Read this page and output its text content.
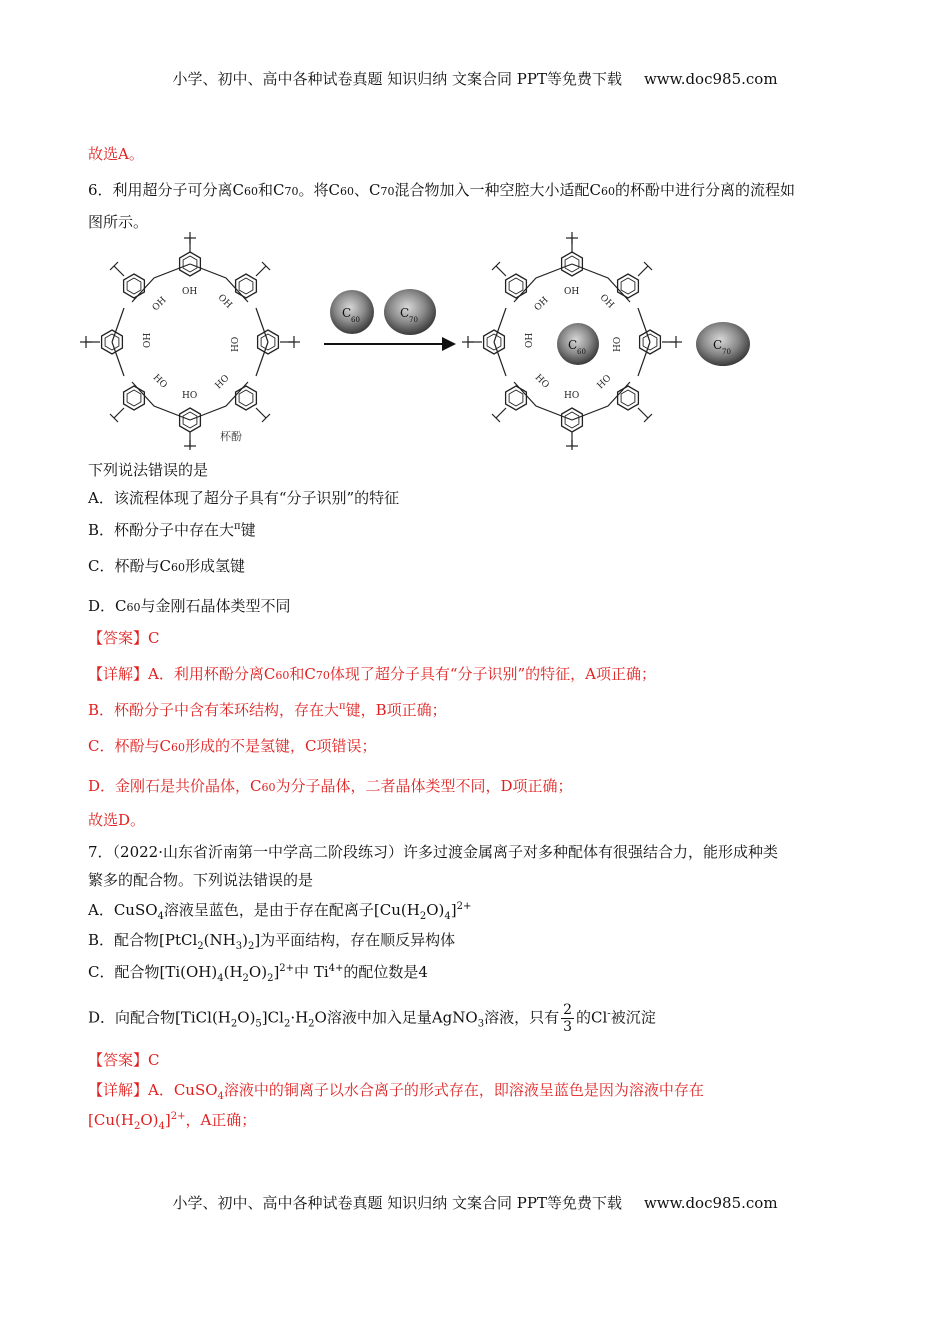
小学、初中、高中各种试卷真题 知识归纳 文案合同 PPT等免费下载 www.doc985.com
故选A。
6．利用超分子可分离C60和C70。将C60、C70混合物加入一种空腔大小适配C60的杯酚中进行分离的流程如
图所示。
OH
OH	OH
OH	HO
HO	HO
HO
杯酚
C 60	C 70
OH
OH	OH
OH	HO
HO	HO
HO
C 60	C 70
下列说法错误的是
A．该流程体现了超分子具有“分子识别”的特征
B．杯酚分子中存在大$^\pi$键
C．杯酚与C60形成氢键
D．C60与金刚石晶体类型不同
【答案】C
【详解】A．利用杯酚分离C60和C70体现了超分子具有“分子识别”的特征，A项正确；
B．杯酚分子中含有苯环结构，存在大$^\pi$键，B项正确；
C．杯酚与C60形成的不是氢键，C项错误；
D．金刚石是共价晶体，C60为分子晶体，二者晶体类型不同，D项正确；
故选D。
7．（2022·山东省沂南第一中学高二阶段练习）许多过渡金属离子对多种配体有很强结合力，能形成种类
繁多的配合物。下列说法错误的是
A．CuSO$_4$溶液呈蓝色，是由于存在配离子$[Cu(H_2O)_4]^{2+}$
B．配合物$[PtCl_2(NH_3)_2]$为平面结构，存在顺反异构体
C．配合物$[Ti(OH)_4(H_2O)_2]^{2+}$中 $Ti^{4+}$的配位数是4
D．向配合物$[TiCl(H_2O)_5]Cl_2\cdot H_2O$溶液中加入足量AgNO$_3$溶液，只有 $\frac{2}{3}$ 的Cl-被沉淀
【答案】C
【详解】A．CuSO$_4$溶液中的铜离子以水合离子的形式存在，即溶液呈蓝色是因为溶液中存在
$[Cu(H_2O)_4]^{2+}$，A正确；
小学、初中、高中各种试卷真题 知识归纳 文案合同 PPT等免费下载 www.doc985.com
